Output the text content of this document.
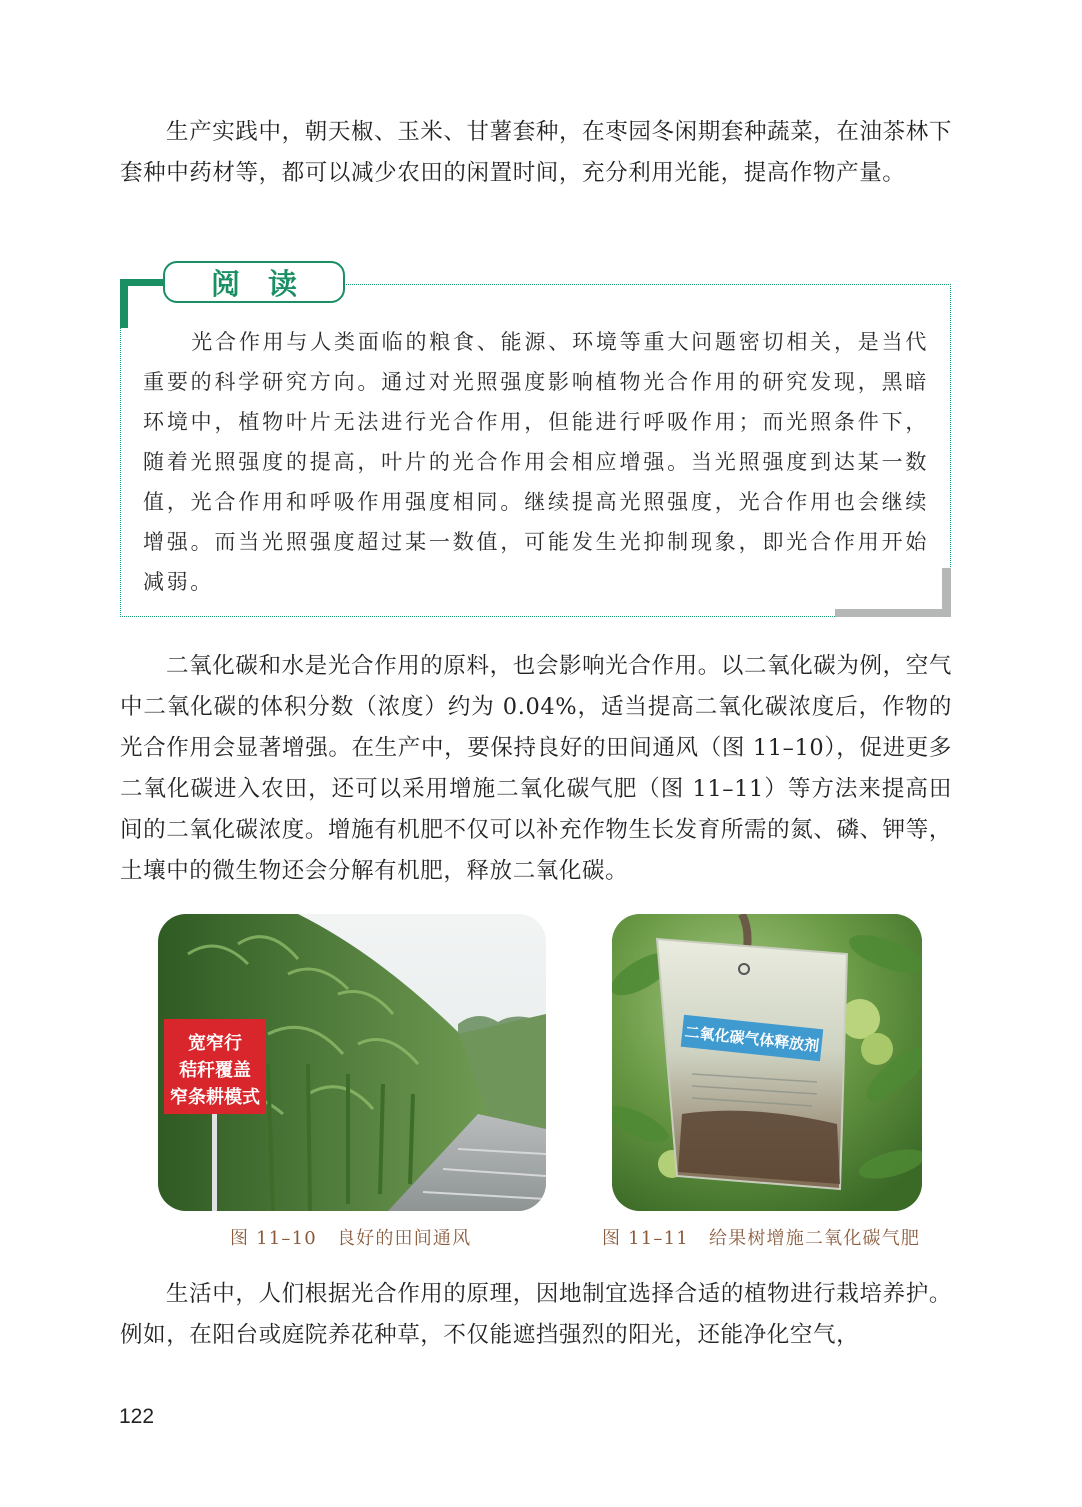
生产实践中，朝天椒、玉米、甘薯套种，在枣园冬闲期套种蔬菜，在油茶林下套种中药材等，都可以减少农田的闲置时间，充分利用光能，提高作物产量。

阅读

光合作用与人类面临的粮食、能源、环境等重大问题密切相关，是当代重要的科学研究方向。通过对光照强度影响植物光合作用的研究发现，黑暗环境中，植物叶片无法进行光合作用，但能进行呼吸作用；而光照条件下，随着光照强度的提高，叶片的光合作用会相应增强。当光照强度到达某一数值，光合作用和呼吸作用强度相同。继续提高光照强度，光合作用也会继续增强。而当光照强度超过某一数值，可能发生光抑制现象，即光合作用开始减弱。

二氧化碳和水是光合作用的原料，也会影响光合作用。以二氧化碳为例，空气中二氧化碳的体积分数（浓度）约为 0.04%，适当提高二氧化碳浓度后，作物的光合作用会显著增强。在生产中，要保持良好的田间通风（图 11–10），促进更多二氧化碳进入农田，还可以采用增施二氧化碳气肥（图 11–11）等方法来提高田间的二氧化碳浓度。增施有机肥不仅可以补充作物生长发育所需的氮、磷、钾等，土壤中的微生物还会分解有机肥，释放二氧化碳。

宽窄行
秸秆覆盖
窄条耕模式
二氧化碳气体释放剂
图 11–10 良好的田间通风	图 11–11 给果树增施二氧化碳气肥

生活中，人们根据光合作用的原理，因地制宜选择合适的植物进行栽培养护。例如，在阳台或庭院养花种草，不仅能遮挡强烈的阳光，还能净化空气，

122
